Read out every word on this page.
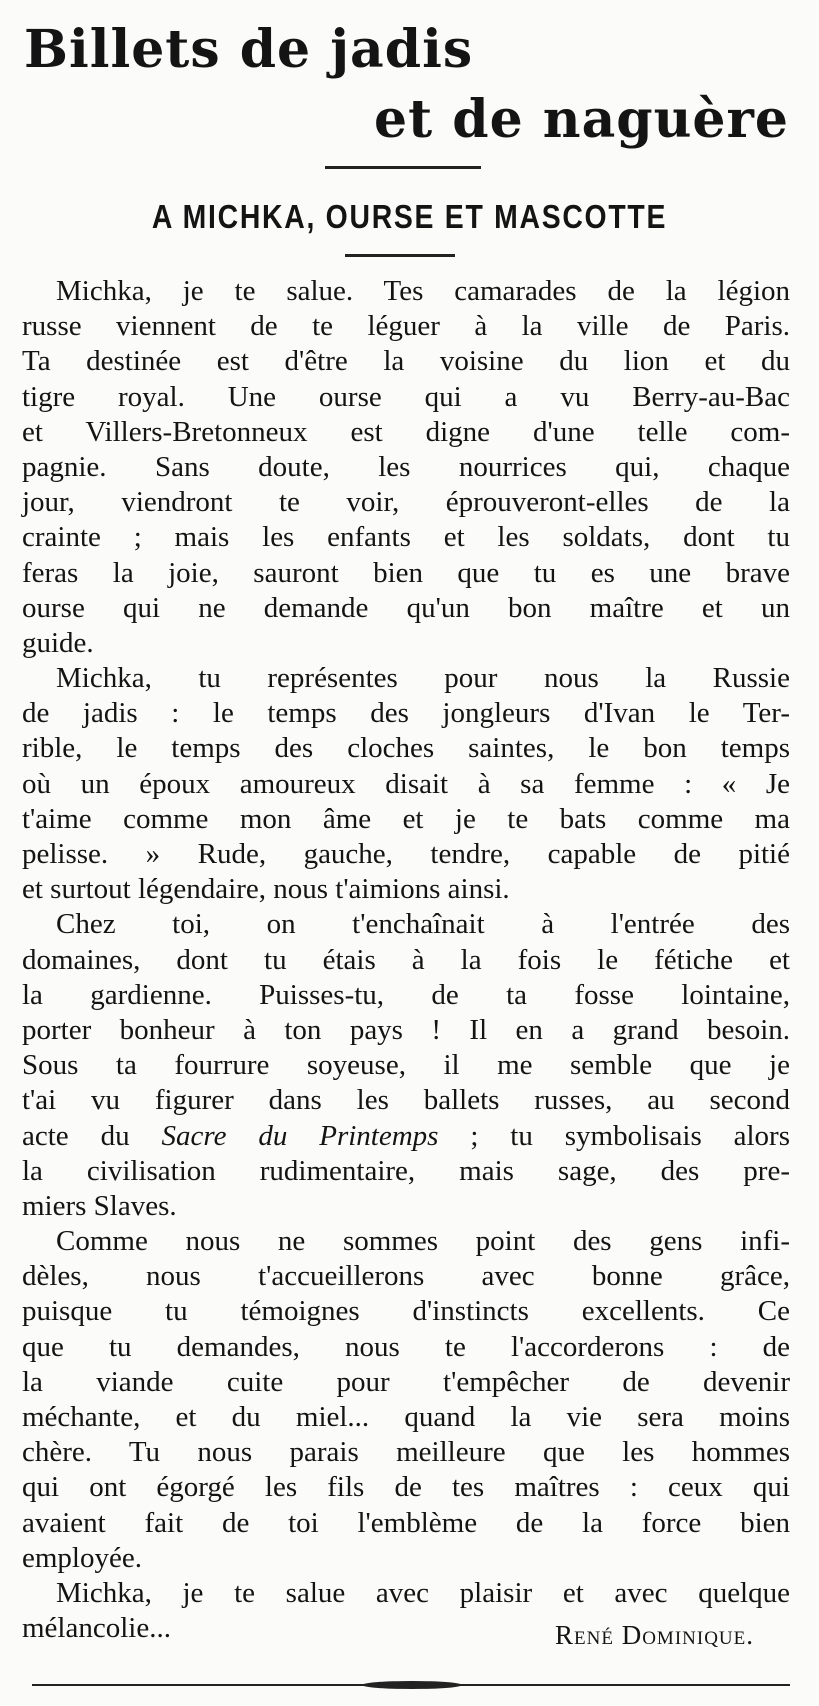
Billets de jadis
et de naguère
A MICHKA, OURSE ET MASCOTTE
Michka, je te salue. Tes camarades de la légion
russe viennent de te léguer à la ville de Paris.
Ta destinée est d'être la voisine du lion et du
tigre royal. Une ourse qui a vu Berry-au-Bac
et Villers-Bretonneux est digne d'une telle com-
pagnie. Sans doute, les nourrices qui, chaque
jour, viendront te voir, éprouveront-elles de la
crainte ; mais les enfants et les soldats, dont tu
feras la joie, sauront bien que tu es une brave
ourse qui ne demande qu'un bon maître et un
guide.
Michka, tu représentes pour nous la Russie
de jadis : le temps des jongleurs d'Ivan le Ter-
rible, le temps des cloches saintes, le bon temps
où un époux amoureux disait à sa femme : « Je
t'aime comme mon âme et je te bats comme ma
pelisse. » Rude, gauche, tendre, capable de pitié
et surtout légendaire, nous t'aimions ainsi.
Chez toi, on t'enchaînait à l'entrée des
domaines, dont tu étais à la fois le fétiche et
la gardienne. Puisses-tu, de ta fosse lointaine,
porter bonheur à ton pays ! Il en a grand besoin.
Sous ta fourrure soyeuse, il me semble que je
t'ai vu figurer dans les ballets russes, au second
acte du Sacre du Printemps ; tu symbolisais alors
la civilisation rudimentaire, mais sage, des pre-
miers Slaves.
Comme nous ne sommes point des gens infi-
dèles, nous t'accueillerons avec bonne grâce,
puisque tu témoignes d'instincts excellents. Ce
que tu demandes, nous te l'accorderons : de
la viande cuite pour t'empêcher de devenir
méchante, et du miel... quand la vie sera moins
chère. Tu nous parais meilleure que les hommes
qui ont égorgé les fils de tes maîtres : ceux qui
avaient fait de toi l'emblème de la force bien
employée.
Michka, je te salue avec plaisir et avec quelque
mélancolie...	René Dominique.
